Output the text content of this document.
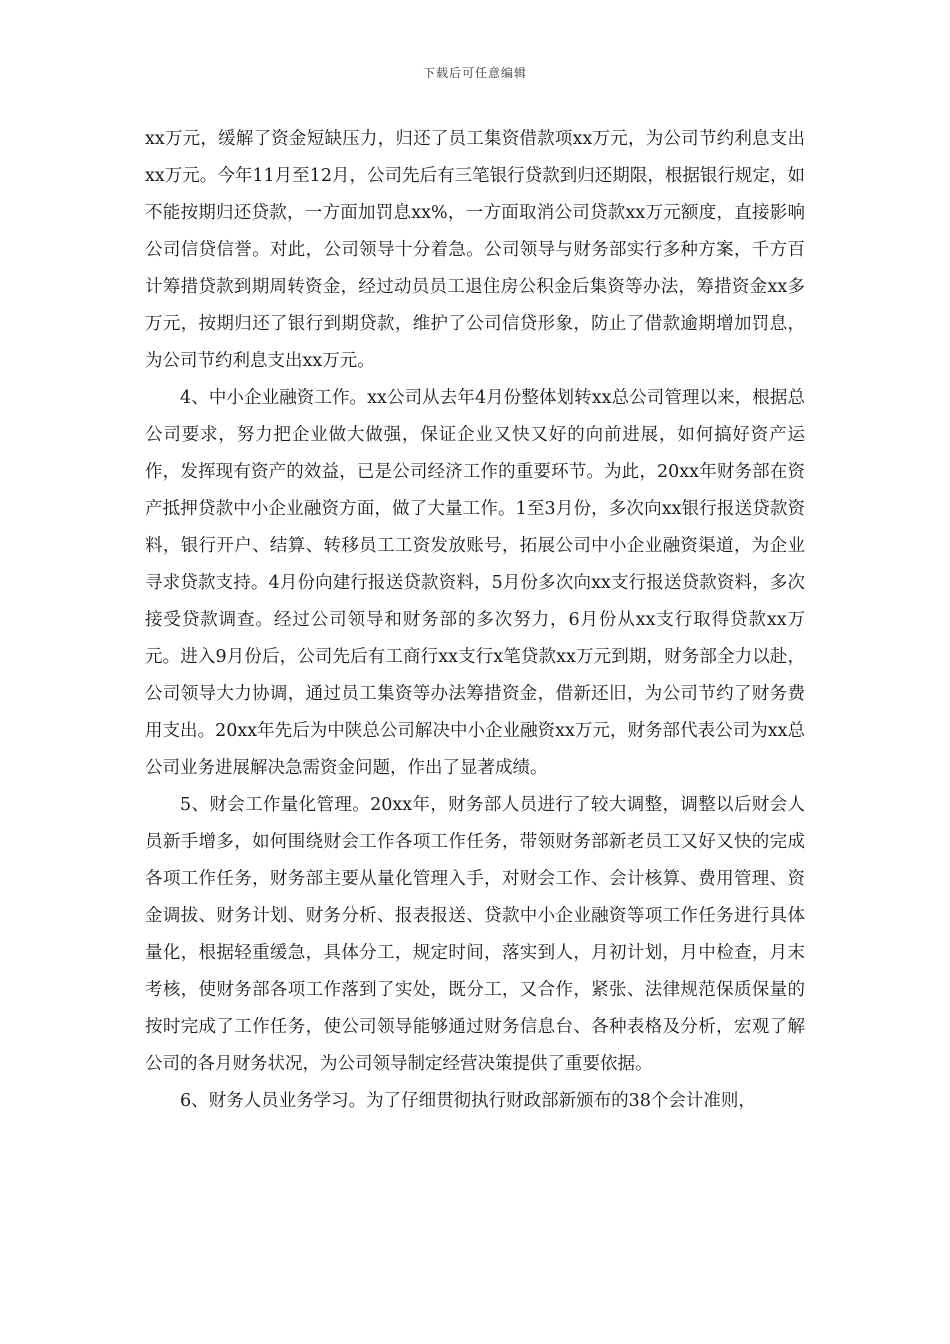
下载后可任意编辑

xx万元，缓解了资金短缺压力，归还了员工集资借款项xx万元，为公司节约利息支出xx万元。今年11月至12月，公司先后有三笔银行贷款到归还期限，根据银行规定，如不能按期归还贷款，一方面加罚息xx%，一方面取消公司贷款xx万元额度，直接影响公司信贷信誉。对此，公司领导十分着急。公司领导与财务部实行多种方案，千方百计筹措贷款到期周转资金，经过动员员工退住房公积金后集资等办法，筹措资金xx多万元，按期归还了银行到期贷款，维护了公司信贷形象，防止了借款逾期增加罚息，为公司节约利息支出xx万元。

4、中小企业融资工作。xx公司从去年4月份整体划转xx总公司管理以来，根据总公司要求，努力把企业做大做强，保证企业又快又好的向前进展，如何搞好资产运作，发挥现有资产的效益，已是公司经济工作的重要环节。为此，20xx年财务部在资产抵押贷款中小企业融资方面，做了大量工作。1至3月份，多次向xx银行报送贷款资料，银行开户、结算、转移员工工资发放账号，拓展公司中小企业融资渠道，为企业寻求贷款支持。4月份向建行报送贷款资料，5月份多次向xx支行报送贷款资料，多次接受贷款调查。经过公司领导和财务部的多次努力，6月份从xx支行取得贷款xx万元。进入9月份后，公司先后有工商行xx支行x笔贷款xx万元到期，财务部全力以赴，公司领导大力协调，通过员工集资等办法筹措资金，借新还旧，为公司节约了财务费用支出。20xx年先后为中陕总公司解决中小企业融资xx万元，财务部代表公司为xx总公司业务进展解决急需资金问题，作出了显著成绩。

5、财会工作量化管理。20xx年，财务部人员进行了较大调整，调整以后财会人员新手增多，如何围绕财会工作各项工作任务，带领财务部新老员工又好又快的完成各项工作任务，财务部主要从量化管理入手，对财会工作、会计核算、费用管理、资金调拔、财务计划、财务分析、报表报送、贷款中小企业融资等项工作任务进行具体量化，根据轻重缓急，具体分工，规定时间，落实到人，月初计划，月中检查，月末考核，使财务部各项工作落到了实处，既分工，又合作，紧张、法律规范保质保量的按时完成了工作任务，使公司领导能够通过财务信息台、各种表格及分析，宏观了解公司的各月财务状况，为公司领导制定经营决策提供了重要依据。

6、财务人员业务学习。为了仔细贯彻执行财政部新颁布的38个会计准则，
